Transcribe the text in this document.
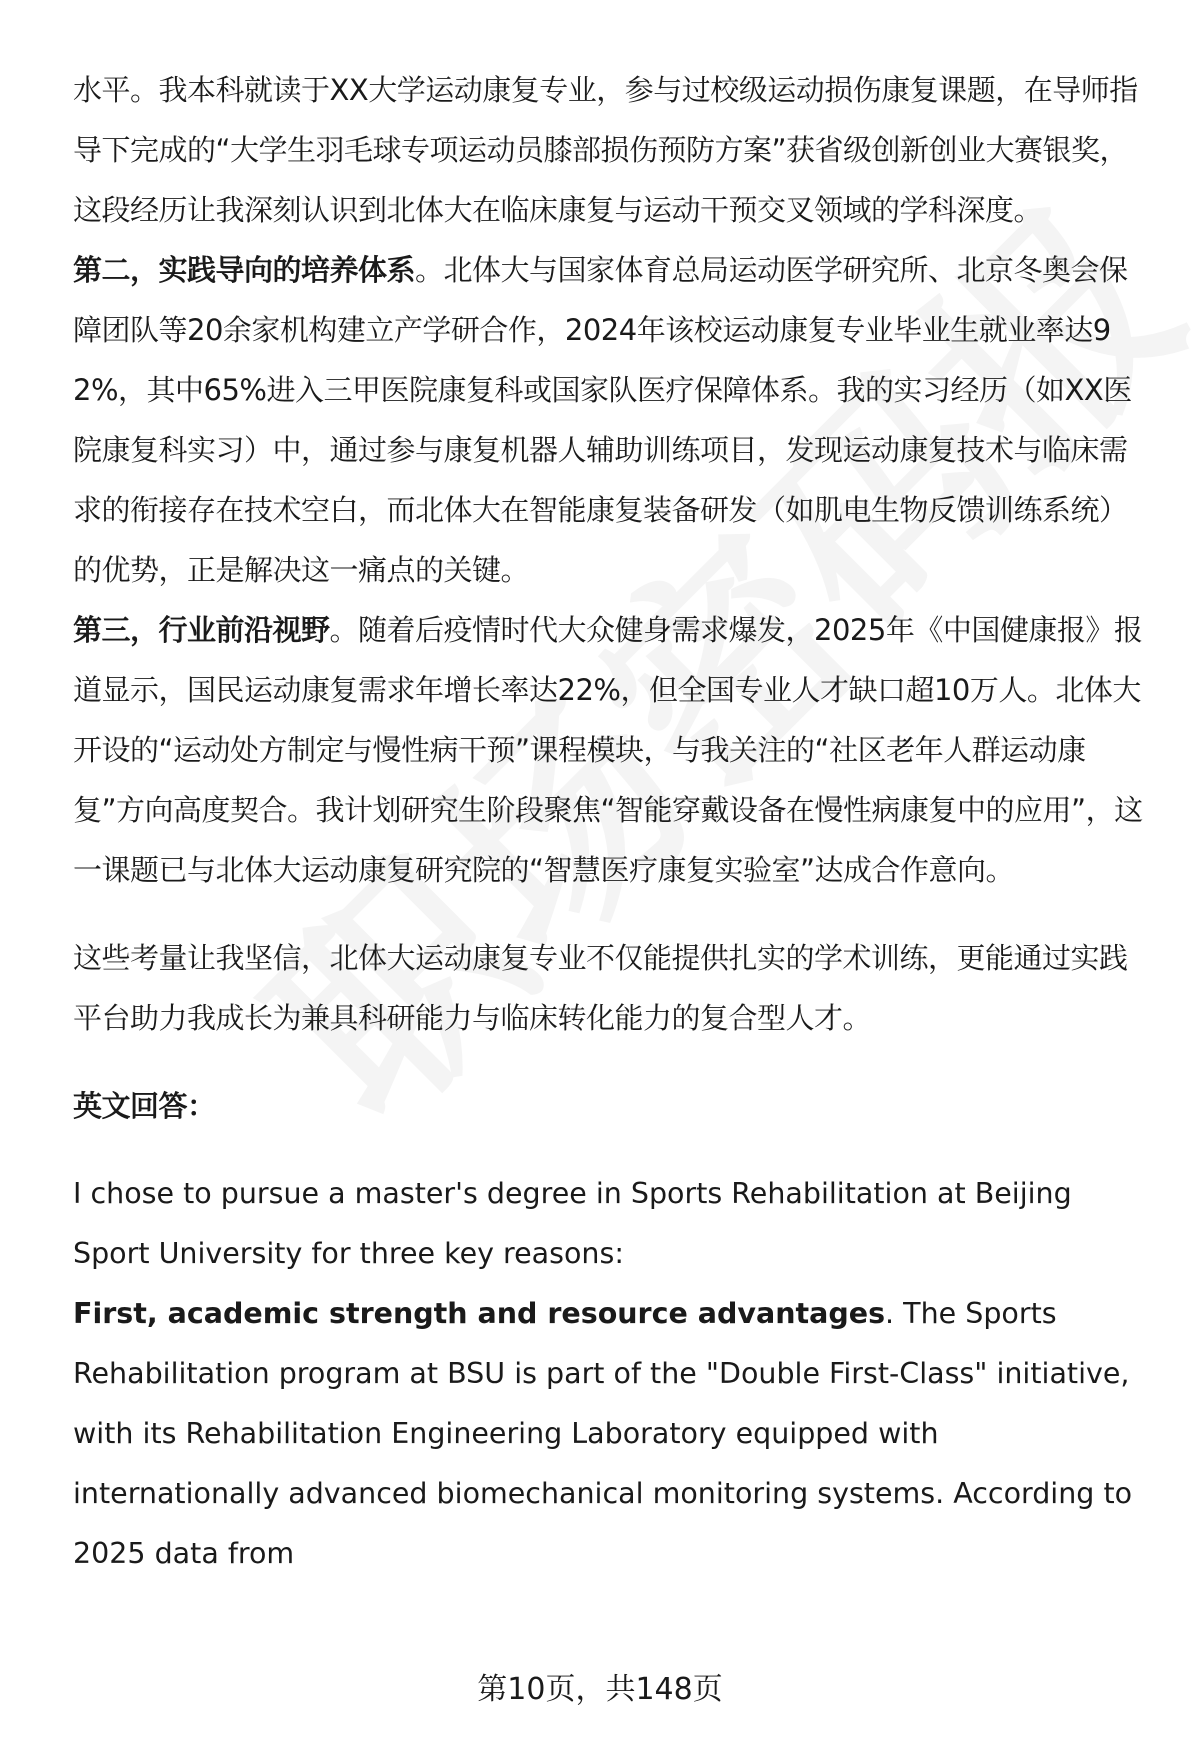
水平。我本科就读于XX大学运动康复专业，参与过校级运动损伤康复课题，在导师指导下完成的“大学生羽毛球专项运动员膝部损伤预防方案”获省级创新创业大赛银奖，这段经历让我深刻认识到北体大在临床康复与运动干预交叉领域的学科深度。

第二，实践导向的培养体系。北体大与国家体育总局运动医学研究所、北京冬奥会保障团队等20余家机构建立产学研合作，2024年该校运动康复专业毕业生就业率达92%，其中65%进入三甲医院康复科或国家队医疗保障体系。我的实习经历（如XX医院康复科实习）中，通过参与康复机器人辅助训练项目，发现运动康复技术与临床需求的衔接存在技术空白，而北体大在智能康复装备研发（如肌电生物反馈训练系统）的优势，正是解决这一痛点的关键。

第三，行业前沿视野。随着后疫情时代大众健身需求爆发，2025年《中国健康报》报道显示，国民运动康复需求年增长率达22%，但全国专业人才缺口超10万人。北体大开设的“运动处方制定与慢性病干预”课程模块，与我关注的“社区老年人群运动康复”方向高度契合。我计划研究生阶段聚焦“智能穿戴设备在慢性病康复中的应用”，这一课题已与北体大运动康复研究院的“智慧医疗康复实验室”达成合作意向。

这些考量让我坚信，北体大运动康复专业不仅能提供扎实的学术训练，更能通过实践平台助力我成长为兼具科研能力与临床转化能力的复合型人才。

英文回答：

I chose to pursue a master's degree in Sports Rehabilitation at Beijing Sport University for three key reasons:

First, academic strength and resource advantages. The Sports Rehabilitation program at BSU is part of the "Double First-Class" initiative, with its Rehabilitation Engineering Laboratory equipped with internationally advanced biomechanical monitoring systems. According to 2025 data from

第10页，共148页
